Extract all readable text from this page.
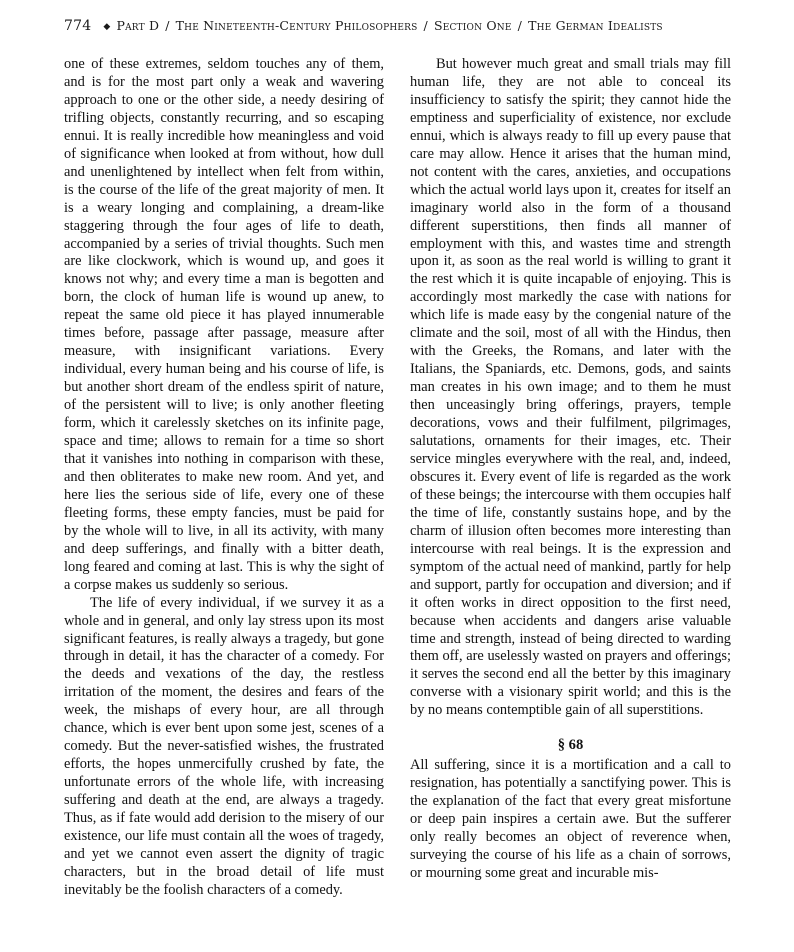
774 ◆ Part D / The Nineteenth-Century Philosophers / Section One / The German Idealists

one of these extremes, seldom touches any of them, and is for the most part only a weak and wavering approach to one or the other side, a needy desiring of trifling objects, constantly recurring, and so escaping ennui. It is really incredible how meaningless and void of significance when looked at from without, how dull and unenlightened by intellect when felt from within, is the course of the life of the great majority of men. It is a weary longing and complaining, a dream-like staggering through the four ages of life to death, accompanied by a series of trivial thoughts. Such men are like clockwork, which is wound up, and goes it knows not why; and every time a man is begotten and born, the clock of human life is wound up anew, to repeat the same old piece it has played innumerable times before, passage after passage, measure after measure, with insignificant variations. Every individual, every human being and his course of life, is but another short dream of the endless spirit of nature, of the persistent will to live; is only another fleeting form, which it carelessly sketches on its infinite page, space and time; allows to remain for a time so short that it vanishes into nothing in comparison with these, and then obliterates to make new room. And yet, and here lies the serious side of life, every one of these fleeting forms, these empty fancies, must be paid for by the whole will to live, in all its activity, with many and deep sufferings, and finally with a bitter death, long feared and coming at last. This is why the sight of a corpse makes us suddenly so serious.

The life of every individual, if we survey it as a whole and in general, and only lay stress upon its most significant features, is really always a tragedy, but gone through in detail, it has the character of a comedy. For the deeds and vexations of the day, the restless irritation of the moment, the desires and fears of the week, the mishaps of every hour, are all through chance, which is ever bent upon some jest, scenes of a comedy. But the never-satisfied wishes, the frustrated efforts, the hopes unmercifully crushed by fate, the unfortunate errors of the whole life, with increasing suffering and death at the end, are always a tragedy. Thus, as if fate would add derision to the misery of our existence, our life must contain all the woes of tragedy, and yet we cannot even assert the dignity of tragic characters, but in the broad detail of life must inevitably be the foolish characters of a comedy.

But however much great and small trials may fill human life, they are not able to conceal its insufficiency to satisfy the spirit; they cannot hide the emptiness and superficiality of existence, nor exclude ennui, which is always ready to fill up every pause that care may allow. Hence it arises that the human mind, not content with the cares, anxieties, and occupations which the actual world lays upon it, creates for itself an imaginary world also in the form of a thousand different superstitions, then finds all manner of employment with this, and wastes time and strength upon it, as soon as the real world is willing to grant it the rest which it is quite incapable of enjoying. This is accordingly most markedly the case with nations for which life is made easy by the congenial nature of the climate and the soil, most of all with the Hindus, then with the Greeks, the Romans, and later with the Italians, the Spaniards, etc. Demons, gods, and saints man creates in his own image; and to them he must then unceasingly bring offerings, prayers, temple decorations, vows and their fulfilment, pilgrimages, salutations, ornaments for their images, etc. Their service mingles everywhere with the real, and, indeed, obscures it. Every event of life is regarded as the work of these beings; the intercourse with them occupies half the time of life, constantly sustains hope, and by the charm of illusion often becomes more interesting than intercourse with real beings. It is the expression and symptom of the actual need of mankind, partly for help and support, partly for occupation and diversion; and if it often works in direct opposition to the first need, because when accidents and dangers arise valuable time and strength, instead of being directed to warding them off, are uselessly wasted on prayers and offerings; it serves the second end all the better by this imaginary converse with a visionary spirit world; and this is the by no means contemptible gain of all superstitions.

§ 68

All suffering, since it is a mortification and a call to resignation, has potentially a sanctifying power. This is the explanation of the fact that every great misfortune or deep pain inspires a certain awe. But the sufferer only really becomes an object of reverence when, surveying the course of his life as a chain of sorrows, or mourning some great and incurable mis-
